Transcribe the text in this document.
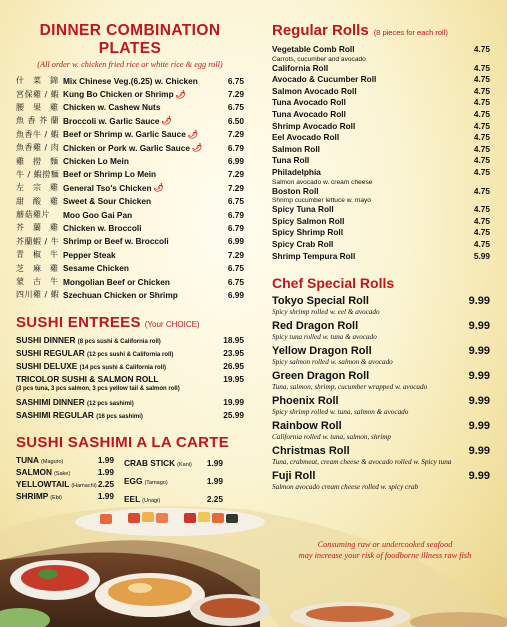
DINNER COMBINATION PLATES
(All order w. chicken fried rice or white rice & egg roll)
什　菜　錦 Mix Chinese Veg.(6.25) w. Chicken	6.75
宮保雞 / 蝦 Kung Bo Chicken or Shrimp 🌶	7.29
腰　果　雞 Chicken w. Cashew Nuts	6.75
魚 香 芥 蘭 Broccoli w. Garlic Sauce 🌶	6.50
魚香牛 / 蝦 Beef or Shrimp w. Garlic Sauce 🌶	7.29
魚香雞 / 肉 Chicken or Pork w. Garlic Sauce 🌶	6.79
雞　撈　麵 Chicken Lo Mein	6.99
牛 / 蝦撈麵 Beef or Shrimp Lo Mein	7.29
左　宗　雞 General Tso's Chicken 🌶	7.29
甜　酸　雞 Sweet & Sour Chicken	6.75
蘑菇雞片	Moo Goo Gai Pan	6.79
芥　蘭　雞 Chicken w. Broccoli	6.79
芥蘭蝦 / 牛 Shrimp or Beef w. Broccoli	6.99
青　椒　牛 Pepper Steak	7.29
芝　麻　雞 Sesame Chicken	6.75
蒙　古　牛 Mongolian Beef or Chicken	6.75
四川雞 / 蝦 Szechuan Chicken or Shrimp	6.99
SUSHI ENTREES (Your CHOICE)
SUSHI DINNER (8 pcs sushi & California roll)	18.95
SUSHI REGULAR (12 pcs sushi & California roll)	23.95
SUSHI DELUXE (14 pcs sushi & California roll)	26.95
TRICOLOR SUSHI & SALMON ROLL
(3 pcs tuna, 3 pcs salmon, 3 pcs yellow tail & salmon roll)
19.95
SASHIMI DINNER (12 pcs sashimi)	19.99
SASHIMI REGULAR (16 pcs sashimi)	25.99
SUSHI SASHIMI A LA CARTE
TUNA (Maguro)	1.99
SALMON (Sake)	1.99
YELLOWTAIL (Hamachi) 2.25
SHRIMP (Ebi)	1.99
CRAB STICK (Kani)	1.99
EGG (Tamago)	1.99
EEL (Unagi)	2.25
Regular Rolls (8 pieces for each roll)
Vegetable Comb Roll	4.75
Carrots, cucumber and avocado
California Roll	4.75
Avocado & Cucumber Roll	4.75
Salmon Avocado Roll	4.75
Tuna Avocado Roll	4.75
Tuna Avocado Roll	4.75
Shrimp Avocado Roll	4.75
Eel Avocado Roll	4.75
Salmon Roll	4.75
Tuna Roll	4.75
Philadelphia	4.75
Salmon avocado w. cream cheese
Boston Roll	4.75
Shrimp cucumber lettuce w. mayo
Spicy Tuna Roll	4.75
Spicy Salmon Roll	4.75
Spicy Shrimp Roll	4.75
Spicy Crab Roll	4.75
Shrimp Tempura Roll	5.99
Chef Special Rolls
Tokyo Special Roll	9.99
Spicy shrimp rolled w. eel & avocado
Red Dragon Roll	9.99
Spicy tuna rolled w. tuna & avocado
Yellow Dragon Roll	9.99
Spicy salmon rolled w. salmon & avocado
Green Dragon Roll	9.99
Tuna, salmon, shrimp, cucumber wrapped w. avocado
Phoenix Roll	9.99
Spicy shrimp rolled w. tuna, salmon & avocado
Rainbow Roll	9.99
California rolled w. tuna, salmon, shrimp
Christmas Roll	9.99
Tuna, crabmeat, cream cheese & avocado rolled w. Spicy tuna
Fuji Roll	9.99
Salmon avocado cream cheese rolled w. spicy crab
Consuming raw or undercooked seafood
may increase your risk of foodborne illness raw fish
